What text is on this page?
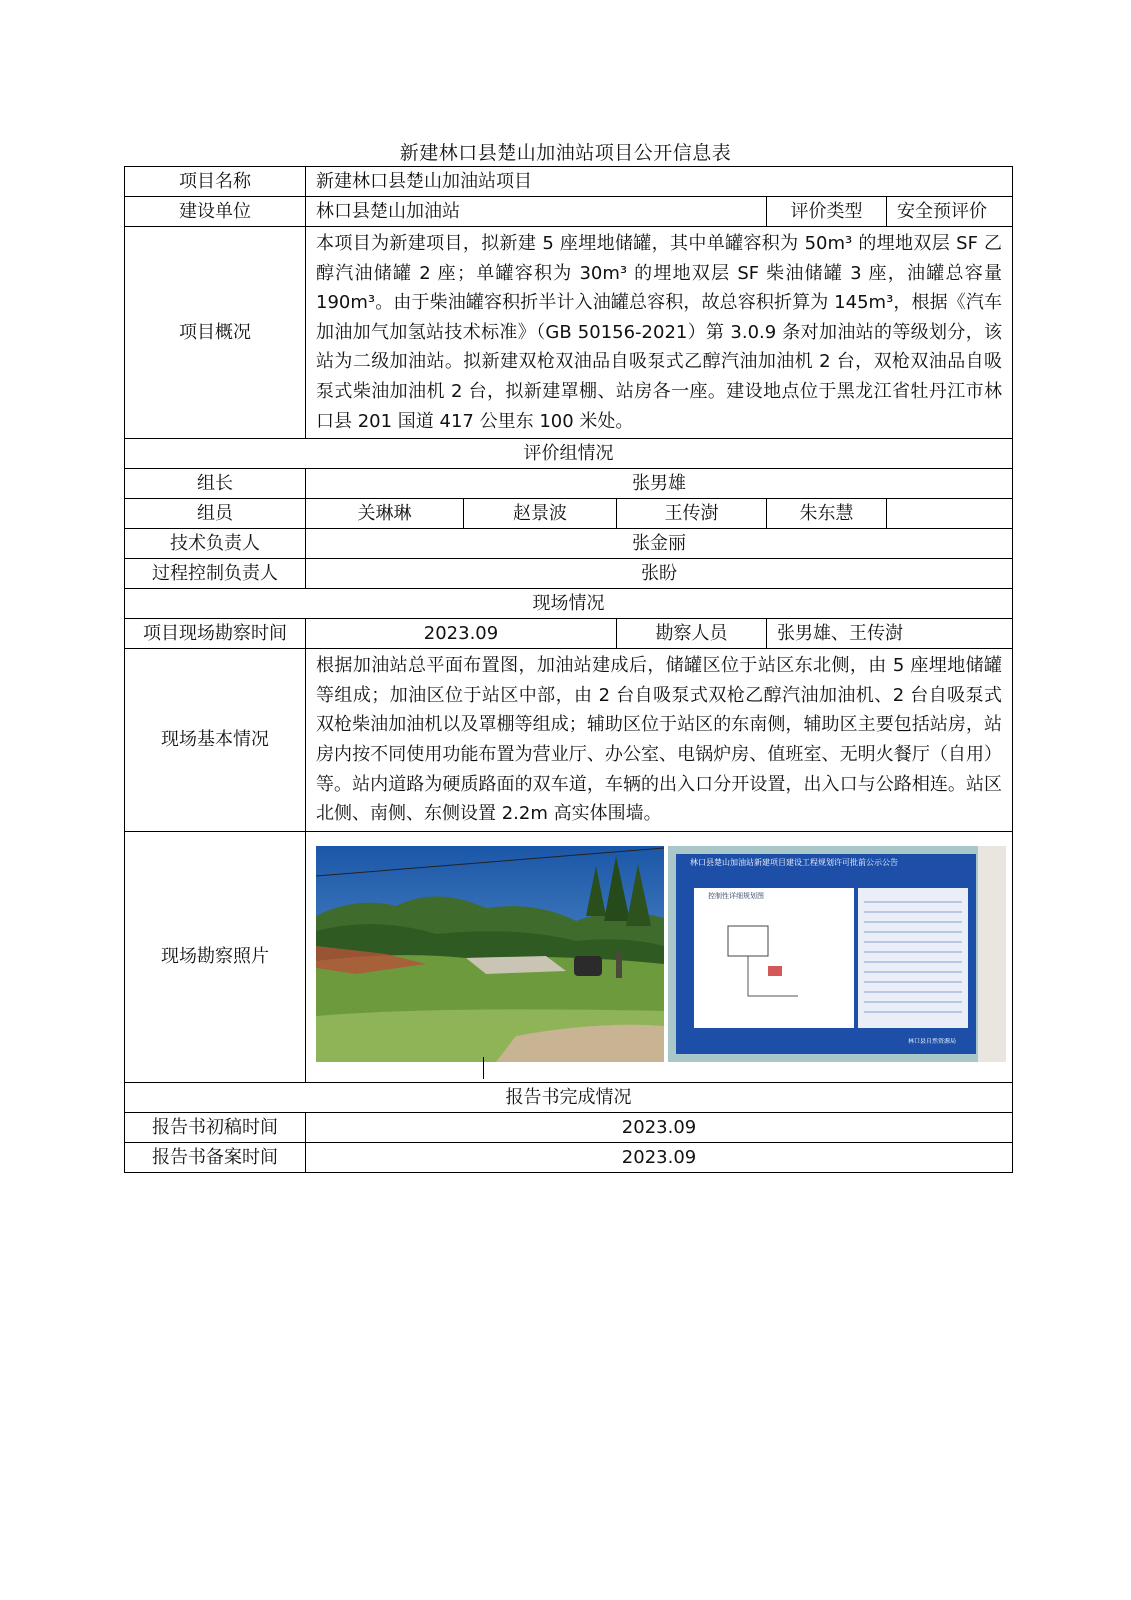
新建林口县楚山加油站项目公开信息表
项目名称	新建林口县楚山加油站项目				
建设单位	林口县楚山加油站			评价类型	安全预评价
项目概况	本项目为新建项目，拟新建 5 座埋地储罐，其中单罐容积为 50m³ 的埋地双层 SF 乙醇汽油储罐 2 座；单罐容积为 30m³ 的埋地双层 SF 柴油储罐 3 座，油罐总容量 190m³。由于柴油罐容积折半计入油罐总容积，故总容积折算为 145m³，根据《汽车加油加气加氢站技术标准》（GB 50156-2021）第 3.0.9 条对加油站的等级划分，该站为二级加油站。拟新建双枪双油品自吸泵式乙醇汽油加油机 2 台，双枪双油品自吸泵式柴油加油机 2 台，拟新建罩棚、站房各一座。建设地点位于黑龙江省牡丹江市林口县 201 国道 417 公里东 100 米处。				
评价组情况					
组长	张男雄				
组员	关琳琳	赵景波	王传澍	朱东慧	
技术负责人	张金丽				
过程控制负责人	张盼				
现场情况					
项目现场勘察时间	2023.09		勘察人员	张男雄、王传澍	
现场基本情况	根据加油站总平面布置图，加油站建成后，储罐区位于站区东北侧，由 5 座埋地储罐等组成；加油区位于站区中部，由 2 台自吸泵式双枪乙醇汽油加油机、2 台自吸泵式双枪柴油加油机以及罩棚等组成；辅助区位于站区的东南侧，辅助区主要包括站房，站房内按不同使用功能布置为营业厅、办公室、电锅炉房、值班室、无明火餐厅（自用）等。站内道路为硬质路面的双车道，车辆的出入口分开设置，出入口与公路相连。站区北侧、南侧、东侧设置 2.2m 高实体围墙。				
现场勘察照片	林口县楚山加油站新建项目建设工程规划许可批前公示公告
控制性详细规划图
林口县自然资源局				

报告书完成情况					
报告书初稿时间	2023.09				
报告书备案时间	2023.09				
